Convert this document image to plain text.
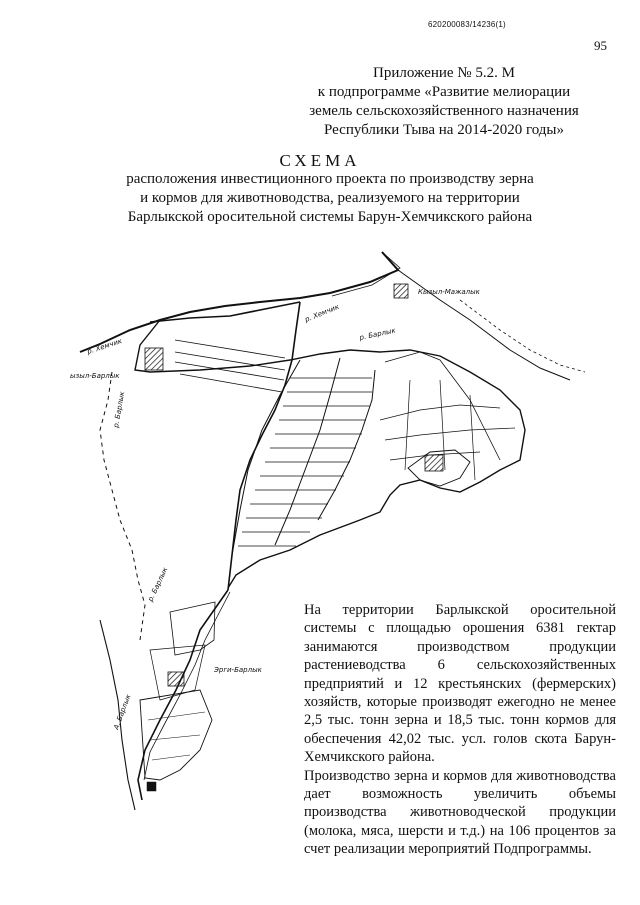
620200083/14236(1)
95
Приложение № 5.2. М
к подпрограмме «Развитие мелиорации
земель сельскохозяйственного назначения
Республики Тыва на 2014-2020 годы»
СХЕМА
расположения инвестиционного проекта по производству зерна
и кормов для животноводства, реализуемого на территории
Барлыкской оросительной системы Барун-Хемчикского района
Кызыл-Мажалык
р. Хемчик
р. Хемчик
ызыл-Барлык
р. Барлык
р. Барлык
р. Барлык
Эрги-Барлык
А. Барлык

На территории Барлыкской оросительной системы с площадью орошения 6381 гектар занимаются производством продукции растениеводства 6 сельскохозяйственных предприятий и 12 крестьянских (фермерских) хозяйств, которые производят ежегодно не менее 2,5 тыс. тонн зерна и 18,5 тыс. тонн кормов для обеспечения 42,02 тыс. усл. голов скота Барун-Хемчикского района.

Производство зерна и кормов для животноводства дает возможность увеличить объемы производства животноводческой продукции (молока, мяса, шерсти и т.д.) на 106 процентов за счет реализации мероприятий Подпрограммы.
